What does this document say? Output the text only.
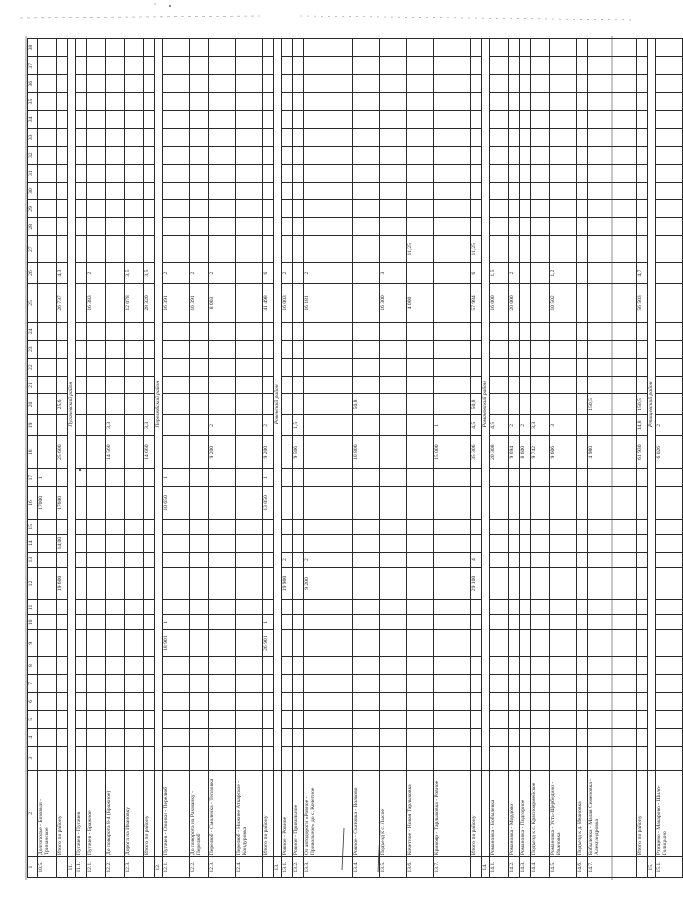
1	2	3	4	5	6	7	8	9	10	11	12	13	14	15	16	17	18	19	20	21	22	23	24	25	26	27	28	29	30	31	32	33	34	35	36	37	38
10.5.	Долгополье - Бозовыи - Тринанское														17000	1																					
	Итого по району										19 600		14,00		17600		25 600		25,6					26 737	4,3												
11.		Пугачевский район																																			
11.1.	Пугачев - Пугачев																																				
12.1.	Пугачев - Бражное																							16 383	2												
12.2.	До поворота 8-4 (Бражное)																14 560	3,3																			
12.3.	Дорога на Ивановку																							12 078	3,5												
	Итого по району																14 660	3,3						28 320	3,5												
12.		Перелюбский район																																			
12.1.	Пугачев - Озинки - Перелюб							18 901	1						10 650	1								16 391	2												
12.2.	До поворота на Рахманку - Перелюб																							16 391	2												
12.3.	Перелюб - Смоленка - Тепловка																9 200	2						8 003	2												
12.4.	Перелюб - Нижнее Аткарское - Кондуровка																																				
	Итого по району							26 901	1						13 050	1	9 200	2						41 498	6												
13.		Ровенский район																																			
13.1.	Ровное - Ровное										19 900	2												16 003	2												
13.2.	Ровное - Привольное																9 506	1,5																			
13.3.	От автодороги «Ровное - Привольное» до с. Кочетное										9 200	2												16 181	2												
13.4.	Ровное - Скатовка - Волково																10 800		50,8																		
13.5.	Подъезд к с. Лысое																							16 300	3												
13.6.	Кочетное - Новая Тарлыковка																							4 000		11,25											
13.7.	Кривояр - Тарлыковка - Ровное																15 000	1																			
	Итого по району										29 100	4					35 306	4,5	50,8					57 984	6	11,25											
14.		Романовский район																																			
14.1.	Романовка - Бобылевка																20 308	4,5						16 000	1,5												
14.2.	Романовка - Мордово																9 694	2						20 000	2												
14.3.	Романовка - Подгорное																8 600	2																			
14.4.	Подъезд к с. Красноармейское																9 742	3,3																			
14.5.	Романовка - Усть-Щербедино - Ивановка																9 606	3						10 502	1,2												
14.6.	Подъезд к д. Ивановка																																				
14.7.	Бобылевка - Малая Семеновка - Александровка																4 980		150,5																		
	Итого по району																61 930	14,8	150,5					56 503	4,7												
15.		Ртищевский район																																			
15.1.	Ртищево - Макарово - Шило-Голицыно																6 026	2																			
